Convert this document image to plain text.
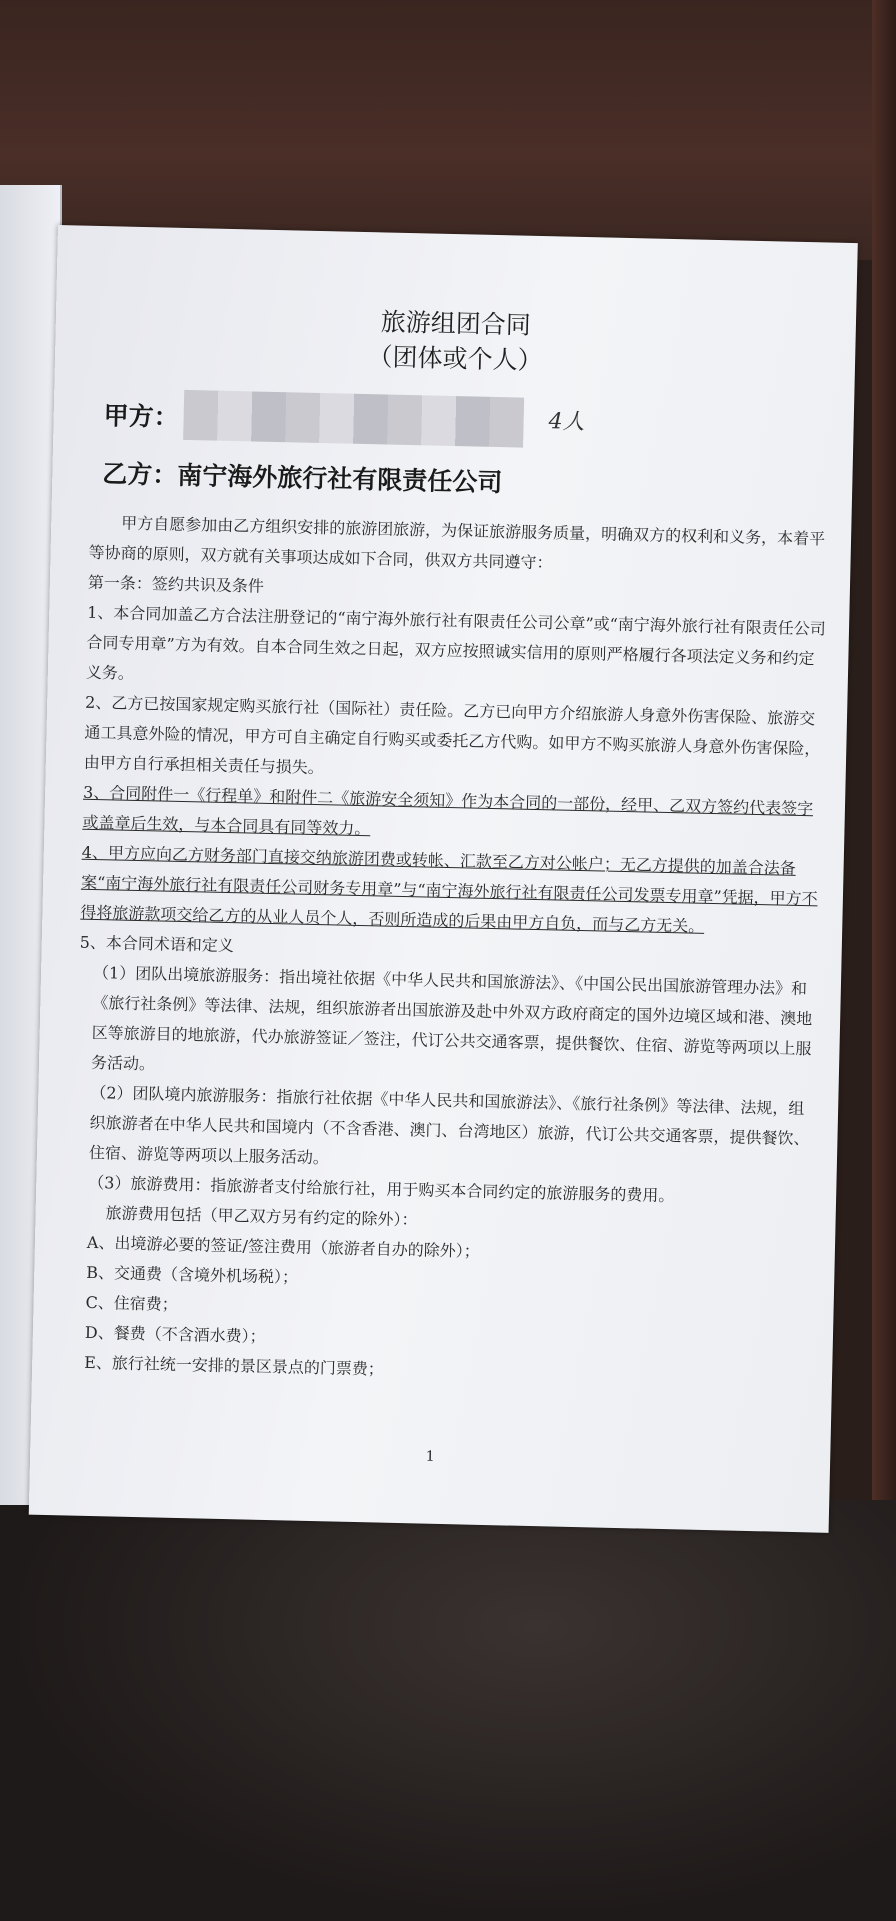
旅游组团合同
（团体或个人）
甲方：	4人
乙方：南宁海外旅行社有限责任公司
甲方自愿参加由乙方组织安排的旅游团旅游，为保证旅游服务质量，明确双方的权利和义务，本着平等协商的原则，双方就有关事项达成如下合同，供双方共同遵守：
第一条：签约共识及条件
1、本合同加盖乙方合法注册登记的“南宁海外旅行社有限责任公司公章”或“南宁海外旅行社有限责任公司合同专用章”方为有效。自本合同生效之日起，双方应按照诚实信用的原则严格履行各项法定义务和约定义务。
2、乙方已按国家规定购买旅行社（国际社）责任险。乙方已向甲方介绍旅游人身意外伤害保险、旅游交通工具意外险的情况，甲方可自主确定自行购买或委托乙方代购。如甲方不购买旅游人身意外伤害保险，由甲方自行承担相关责任与损失。
3、合同附件一《行程单》和附件二《旅游安全须知》作为本合同的一部份，经甲、乙双方签约代表签字或盖章后生效，与本合同具有同等效力。
4、甲方应向乙方财务部门直接交纳旅游团费或转帐、汇款至乙方对公帐户；无乙方提供的加盖合法备案“南宁海外旅行社有限责任公司财务专用章”与“南宁海外旅行社有限责任公司发票专用章”凭据，甲方不得将旅游款项交给乙方的从业人员个人，否则所造成的后果由甲方自负，而与乙方无关。
5、本合同术语和定义
（1）团队出境旅游服务：指出境社依据《中华人民共和国旅游法》、《中国公民出国旅游管理办法》和《旅行社条例》等法律、法规，组织旅游者出国旅游及赴中外双方政府商定的国外边境区域和港、澳地区等旅游目的地旅游，代办旅游签证／签注，代订公共交通客票，提供餐饮、住宿、游览等两项以上服务活动。
（2）团队境内旅游服务：指旅行社依据《中华人民共和国旅游法》、《旅行社条例》等法律、法规，组织旅游者在中华人民共和国境内（不含香港、澳门、台湾地区）旅游，代订公共交通客票，提供餐饮、住宿、游览等两项以上服务活动。
（3）旅游费用：指旅游者支付给旅行社，用于购买本合同约定的旅游服务的费用。
旅游费用包括（甲乙双方另有约定的除外）：
A、出境游必要的签证/签注费用（旅游者自办的除外）；
B、交通费（含境外机场税）；
C、住宿费；
D、餐费（不含酒水费）；
E、旅行社统一安排的景区景点的门票费；
1
